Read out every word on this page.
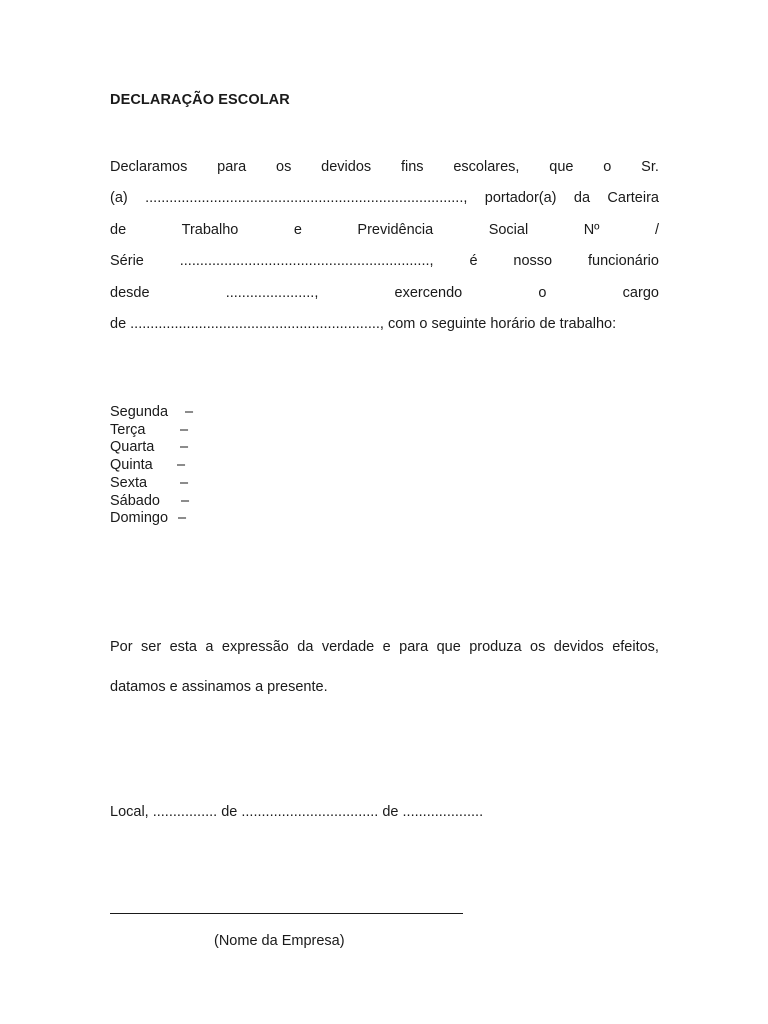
DECLARAÇÃO ESCOLAR
Declaramos para os devidos fins escolares, que o Sr.
(a) ..............................................................................., portador(a) da Carteira
de	Trabalho	e	Previdência	Social	Nº	/
Série .............................................................., é nosso funcionário
desde	......................,	exercendo	o	cargo
de .............................................................., com o seguinte horário de trabalho:
Segunda	–
Terça	–
Quarta	–
Quinta	–
Sexta	–
Sábado	–
Domingo –
Por ser esta a expressão da verdade e para que produza os devidos efeitos,
datamos e assinamos a presente.
Local, ................ de .................................. de ....................
(Nome da Empresa)
